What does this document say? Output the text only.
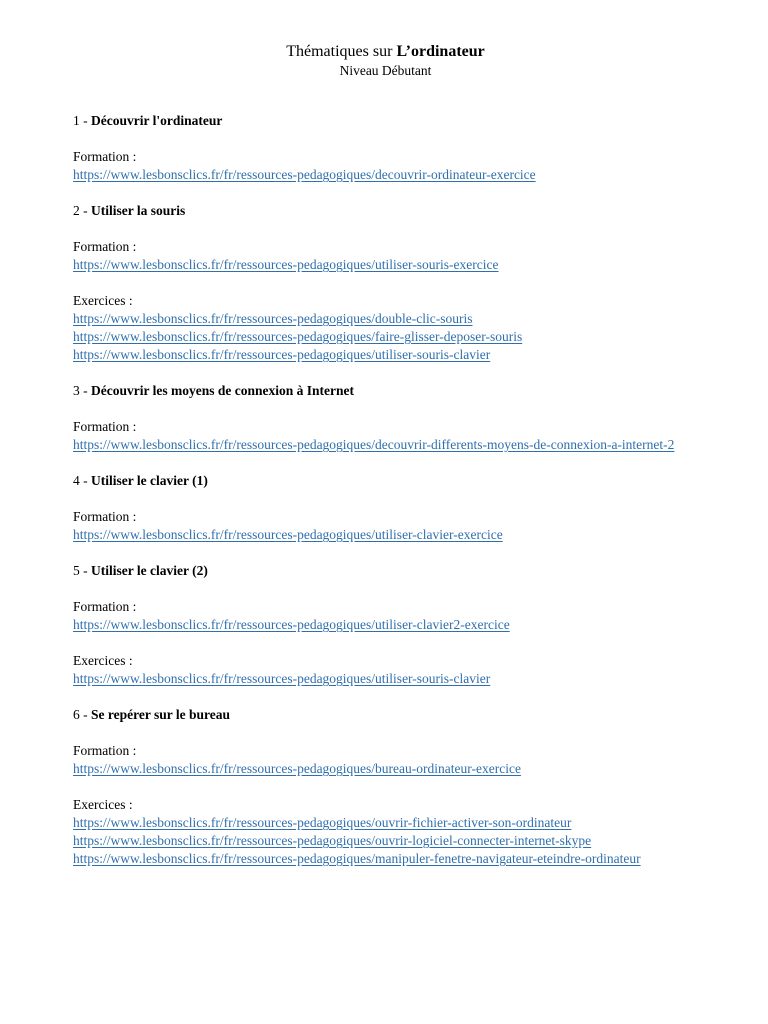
Thématiques sur L’ordinateur

Niveau Débutant

1 - Découvrir l'ordinateur

Formation :

https://www.lesbonsclics.fr/fr/ressources-pedagogiques/decouvrir-ordinateur-exercice

2 - Utiliser la souris

Formation :

https://www.lesbonsclics.fr/fr/ressources-pedagogiques/utiliser-souris-exercice

Exercices :

https://www.lesbonsclics.fr/fr/ressources-pedagogiques/double-clic-souris
https://www.lesbonsclics.fr/fr/ressources-pedagogiques/faire-glisser-deposer-souris
https://www.lesbonsclics.fr/fr/ressources-pedagogiques/utiliser-souris-clavier

3 - Découvrir les moyens de connexion à Internet

Formation :

https://www.lesbonsclics.fr/fr/ressources-pedagogiques/decouvrir-differents-moyens-de-connexion-a-internet-2

4 - Utiliser le clavier (1)

Formation :

https://www.lesbonsclics.fr/fr/ressources-pedagogiques/utiliser-clavier-exercice

5 - Utiliser le clavier (2)

Formation :

https://www.lesbonsclics.fr/fr/ressources-pedagogiques/utiliser-clavier2-exercice

Exercices :

https://www.lesbonsclics.fr/fr/ressources-pedagogiques/utiliser-souris-clavier

6 - Se repérer sur le bureau

Formation :

https://www.lesbonsclics.fr/fr/ressources-pedagogiques/bureau-ordinateur-exercice

Exercices :

https://www.lesbonsclics.fr/fr/ressources-pedagogiques/ouvrir-fichier-activer-son-ordinateur
https://www.lesbonsclics.fr/fr/ressources-pedagogiques/ouvrir-logiciel-connecter-internet-skype
https://www.lesbonsclics.fr/fr/ressources-pedagogiques/manipuler-fenetre-navigateur-eteindre-ordinateur
